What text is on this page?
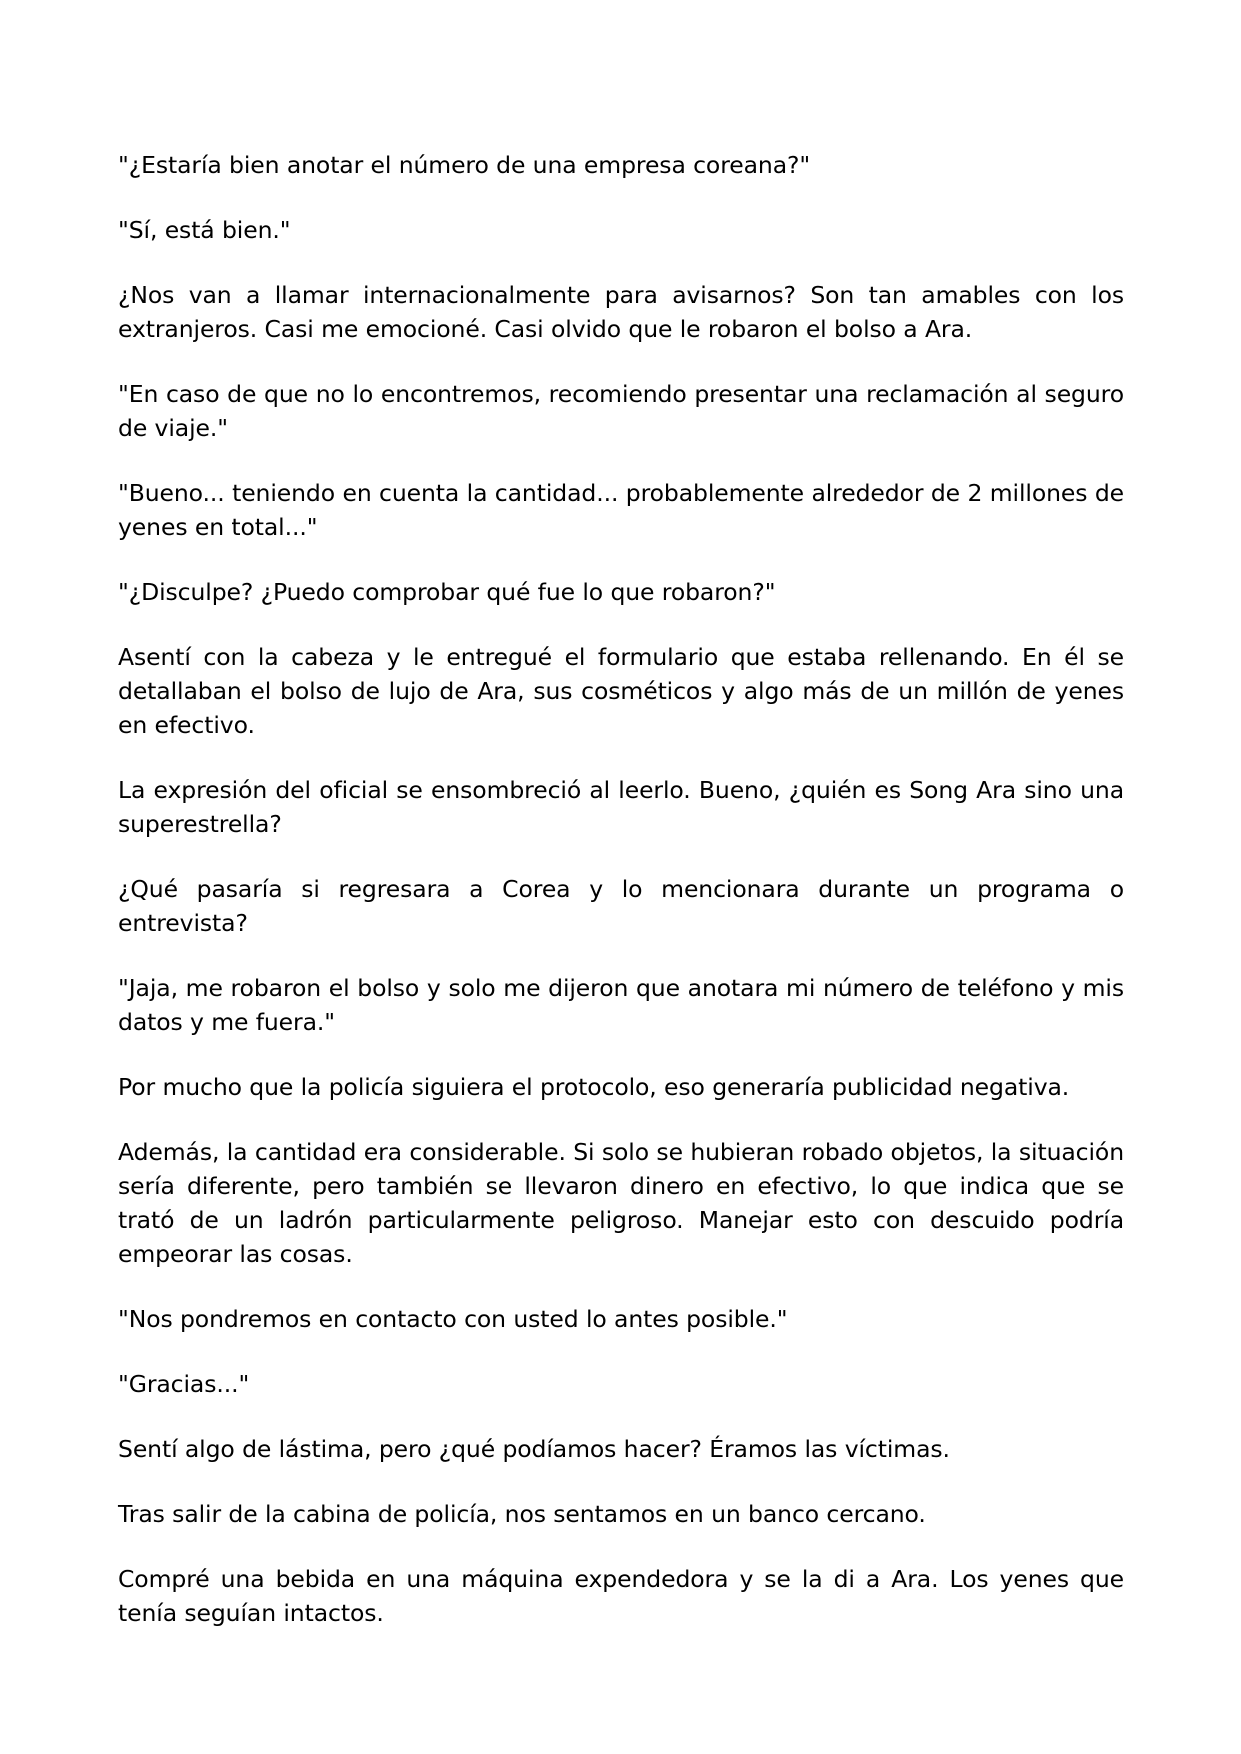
"¿Estaría bien anotar el número de una empresa coreana?"

"Sí, está bien."

¿Nos van a llamar internacionalmente para avisarnos? Son tan amables con los extranjeros. Casi me emocioné. Casi olvido que le robaron el bolso a Ara.

"En caso de que no lo encontremos, recomiendo presentar una reclamación al seguro de viaje."

"Bueno... teniendo en cuenta la cantidad... probablemente alrededor de 2 millones de yenes en total..."

"¿Disculpe? ¿Puedo comprobar qué fue lo que robaron?"

Asentí con la cabeza y le entregué el formulario que estaba rellenando. En él se detallaban el bolso de lujo de Ara, sus cosméticos y algo más de un millón de yenes en efectivo.

La expresión del oficial se ensombreció al leerlo. Bueno, ¿quién es Song Ara sino una superestrella?

¿Qué pasaría si regresara a Corea y lo mencionara durante un programa o entrevista?

"Jaja, me robaron el bolso y solo me dijeron que anotara mi número de teléfono y mis datos y me fuera."

Por mucho que la policía siguiera el protocolo, eso generaría publicidad negativa.

Además, la cantidad era considerable. Si solo se hubieran robado objetos, la situación sería diferente, pero también se llevaron dinero en efectivo, lo que indica que se trató de un ladrón particularmente peligroso. Manejar esto con descuido podría empeorar las cosas.

"Nos pondremos en contacto con usted lo antes posible."

"Gracias..."

Sentí algo de lástima, pero ¿qué podíamos hacer? Éramos las víctimas.

Tras salir de la cabina de policía, nos sentamos en un banco cercano.

Compré una bebida en una máquina expendedora y se la di a Ara. Los yenes que tenía seguían intactos.
